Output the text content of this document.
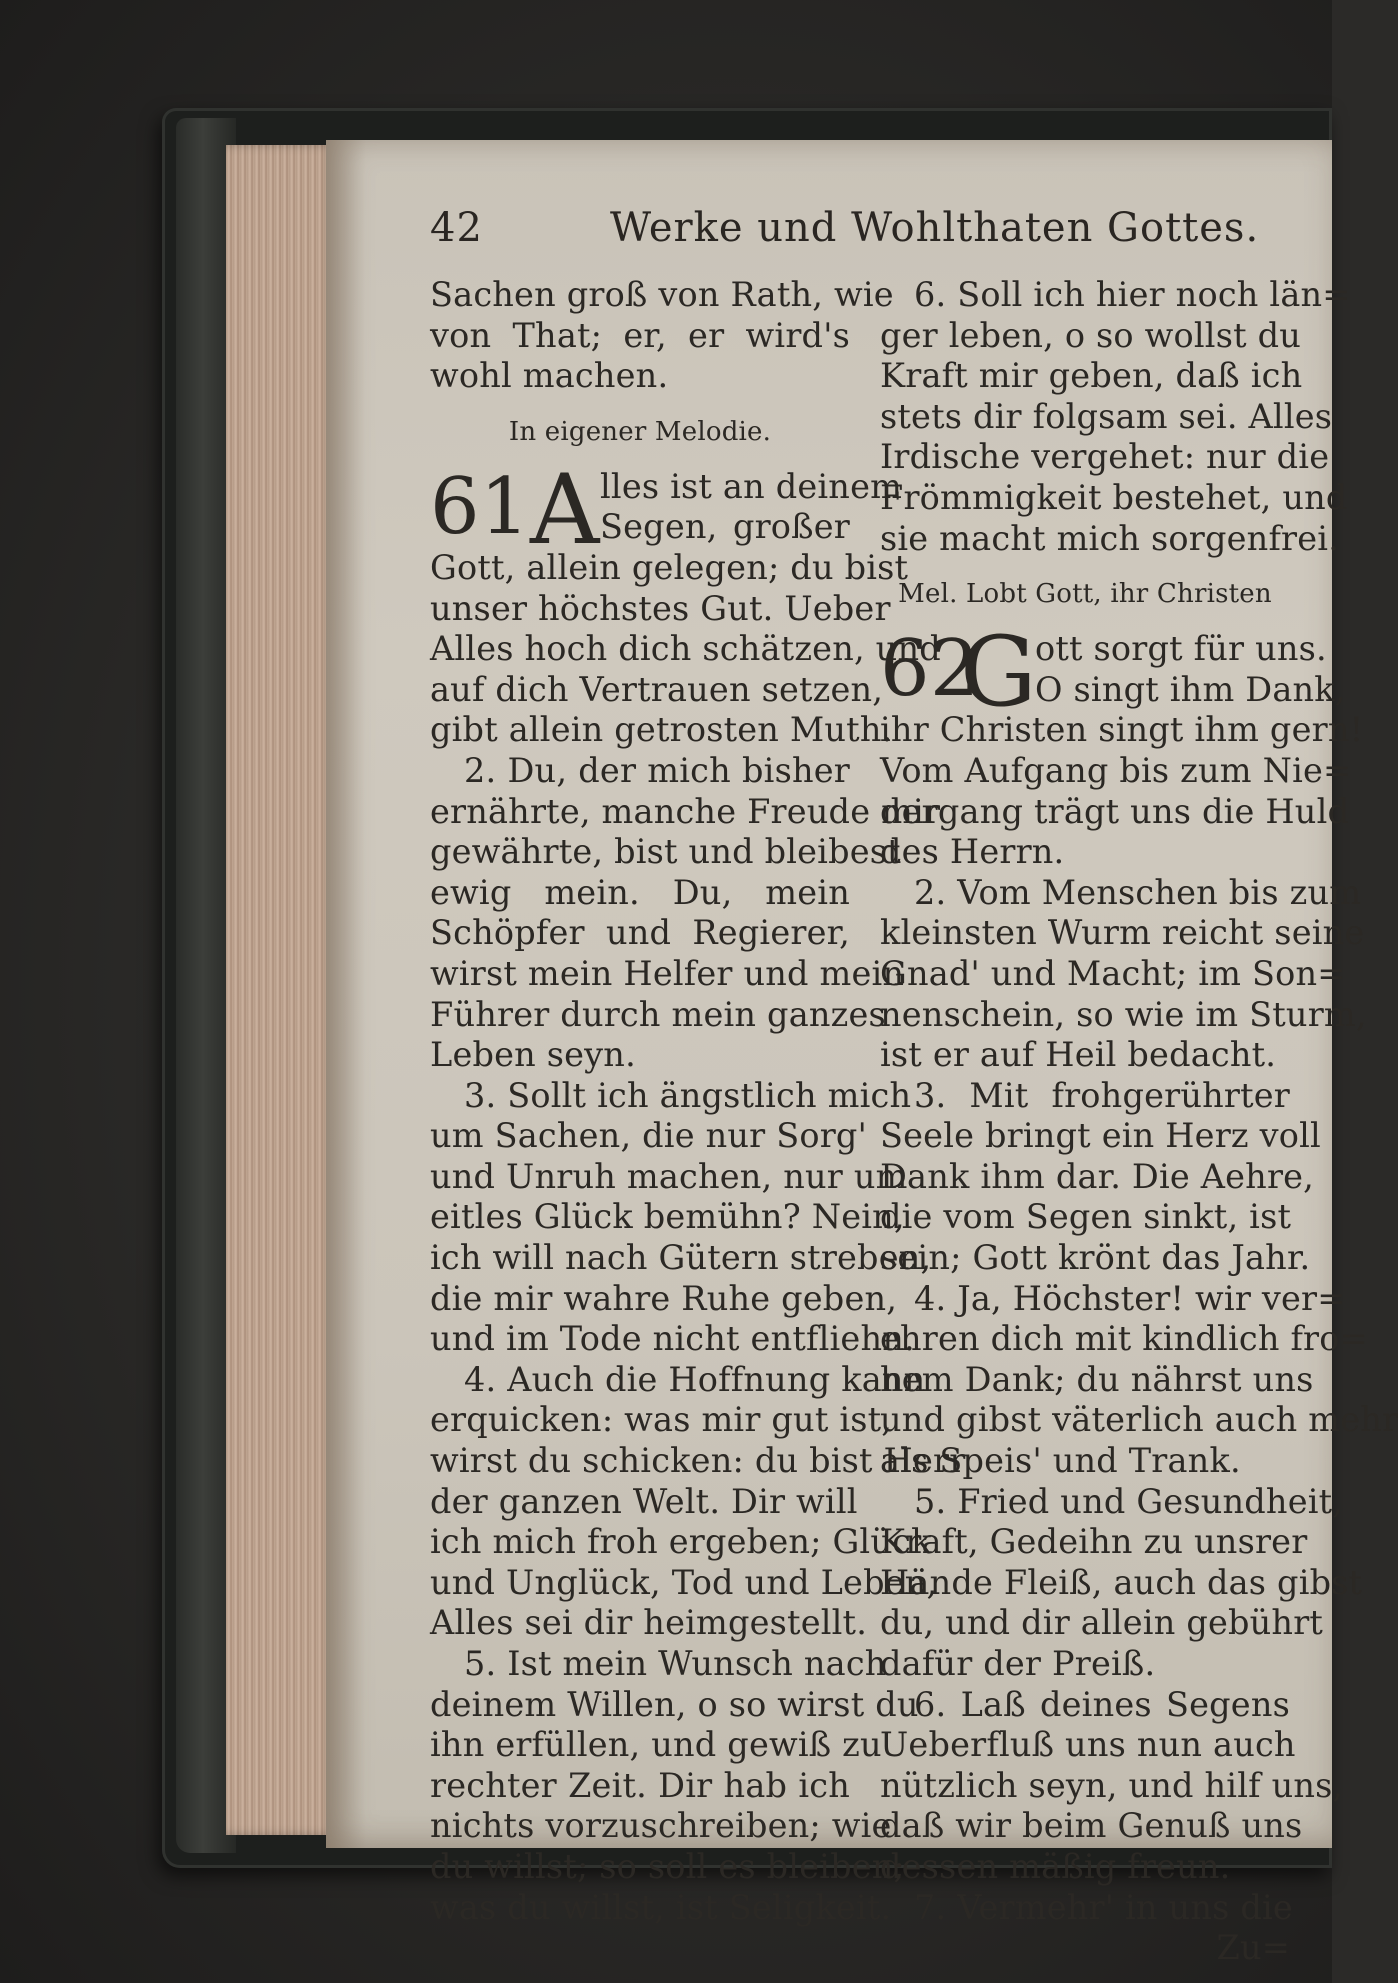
42	Werke und Wohlthaten Gottes.
Sachen groß von Rath, wie
von That; er, er wird's
wohl machen.
In eigener Melodie.
61 A lles ist an deinem
Segen, großer
Gott, allein gelegen; du bist
unser höchstes Gut. Ueber
Alles hoch dich schätzen, und
auf dich Vertrauen setzen,
gibt allein getrosten Muth.
2. Du, der mich bisher
ernährte, manche Freude mir
gewährte, bist und bleibest
ewig mein. Du, mein
Schöpfer und Regierer,
wirst mein Helfer und mein
Führer durch mein ganzes
Leben seyn.
3. Sollt ich ängstlich mich
um Sachen, die nur Sorg'
und Unruh machen, nur um
eitles Glück bemühn? Nein,
ich will nach Gütern streben,
die mir wahre Ruhe geben,
und im Tode nicht entfliehn.
4. Auch die Hoffnung kann
erquicken: was mir gut ist,
wirst du schicken: du bist Herr
der ganzen Welt. Dir will
ich mich froh ergeben; Glück
und Unglück, Tod und Leben,
Alles sei dir heimgestellt.
5. Ist mein Wunsch nach
deinem Willen, o so wirst du
ihn erfüllen, und gewiß zu
rechter Zeit. Dir hab ich
nichts vorzuschreiben; wie
du willst; so soll es bleiben;
was du willst, ist Seligkeit.
6. Soll ich hier noch län=
ger leben, o so wollst du
Kraft mir geben, daß ich
stets dir folgsam sei. Alles
Irdische vergehet: nur die
Frömmigkeit bestehet, und
sie macht mich sorgenfrei.
Mel. Lobt Gott, ihr Christen
62
G
ott sorgt für uns.
O singt ihm Dank,
ihr Christen singt ihm gern!
Vom Aufgang bis zum Nie=
dergang trägt uns die Huld
des Herrn.
2. Vom Menschen bis zum
kleinsten Wurm reicht seine
Gnad' und Macht; im Son=
nenschein, so wie im Sturm,
ist er auf Heil bedacht.
3. Mit frohgerührter
Seele bringt ein Herz voll
Dank ihm dar. Die Aehre,
die vom Segen sinkt, ist
sein; Gott krönt das Jahr.
4. Ja, Höchster! wir ver=
ehren dich mit kindlich fro=
hem Dank; du nährst uns
und gibst väterlich auch mehr
als Speis' und Trank.
5. Fried und Gesundheit,
Kraft, Gedeihn zu unsrer
Hände Fleiß, auch das gibst
du, und dir allein gebührt
dafür der Preiß.
6. Laß deines Segens
Ueberfluß uns nun auch
nützlich seyn, und hilf uns,
daß wir beim Genuß uns
dessen mäßig freun.
7. Vermehr' in uns die
Zu=
